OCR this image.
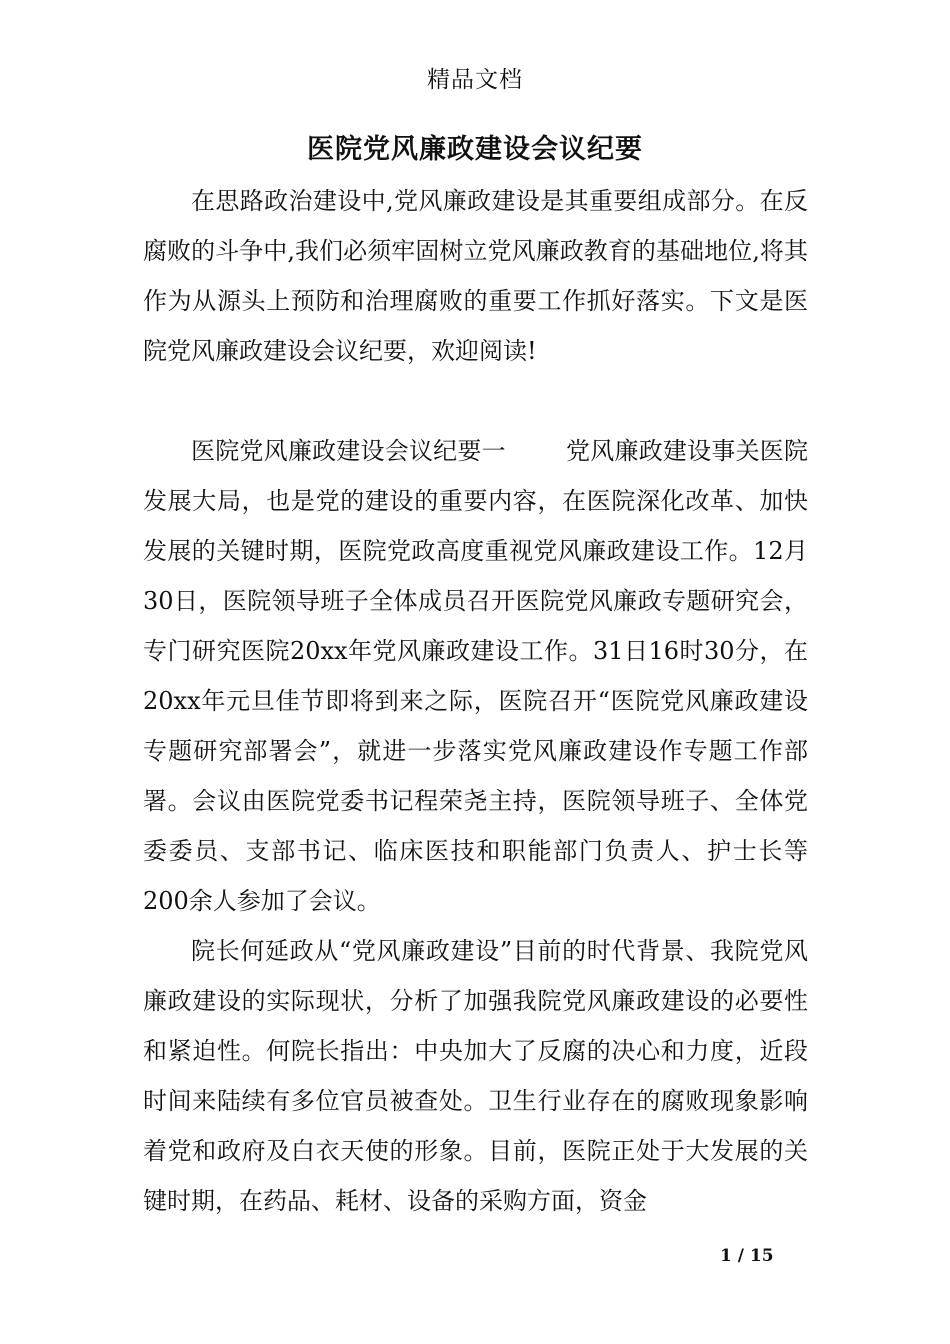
精品文档
医院党风廉政建设会议纪要

在思路政治建设中,党风廉政建设是其重要组成部分。在反腐败的斗争中,我们必须牢固树立党风廉政教育的基础地位,将其作为从源头上预防和治理腐败的重要工作抓好落实。下文是医院党风廉政建设会议纪要，欢迎阅读!

医院党风廉政建设会议纪要一	党风廉政建设事关医院发展大局，也是党的建设的重要内容，在医院深化改革、加快发展的关键时期，医院党政高度重视党风廉政建设工作。12月30日，医院领导班子全体成员召开医院党风廉政专题研究会，专门研究医院20xx年党风廉政建设工作。31日16时30分，在20xx年元旦佳节即将到来之际，医院召开“医院党风廉政建设专题研究部署会”，就进一步落实党风廉政建设作专题工作部署。会议由医院党委书记程荣尧主持，医院领导班子、全体党委委员、支部书记、临床医技和职能部门负责人、护士长等200余人参加了会议。

院长何延政从“党风廉政建设”目前的时代背景、我院党风廉政建设的实际现状，分析了加强我院党风廉政建设的必要性和紧迫性。何院长指出：中央加大了反腐的决心和力度，近段时间来陆续有多位官员被查处。卫生行业存在的腐败现象影响着党和政府及白衣天使的形象。目前，医院正处于大发展的关键时期，在药品、耗材、设备的采购方面，资金

1 / 15
